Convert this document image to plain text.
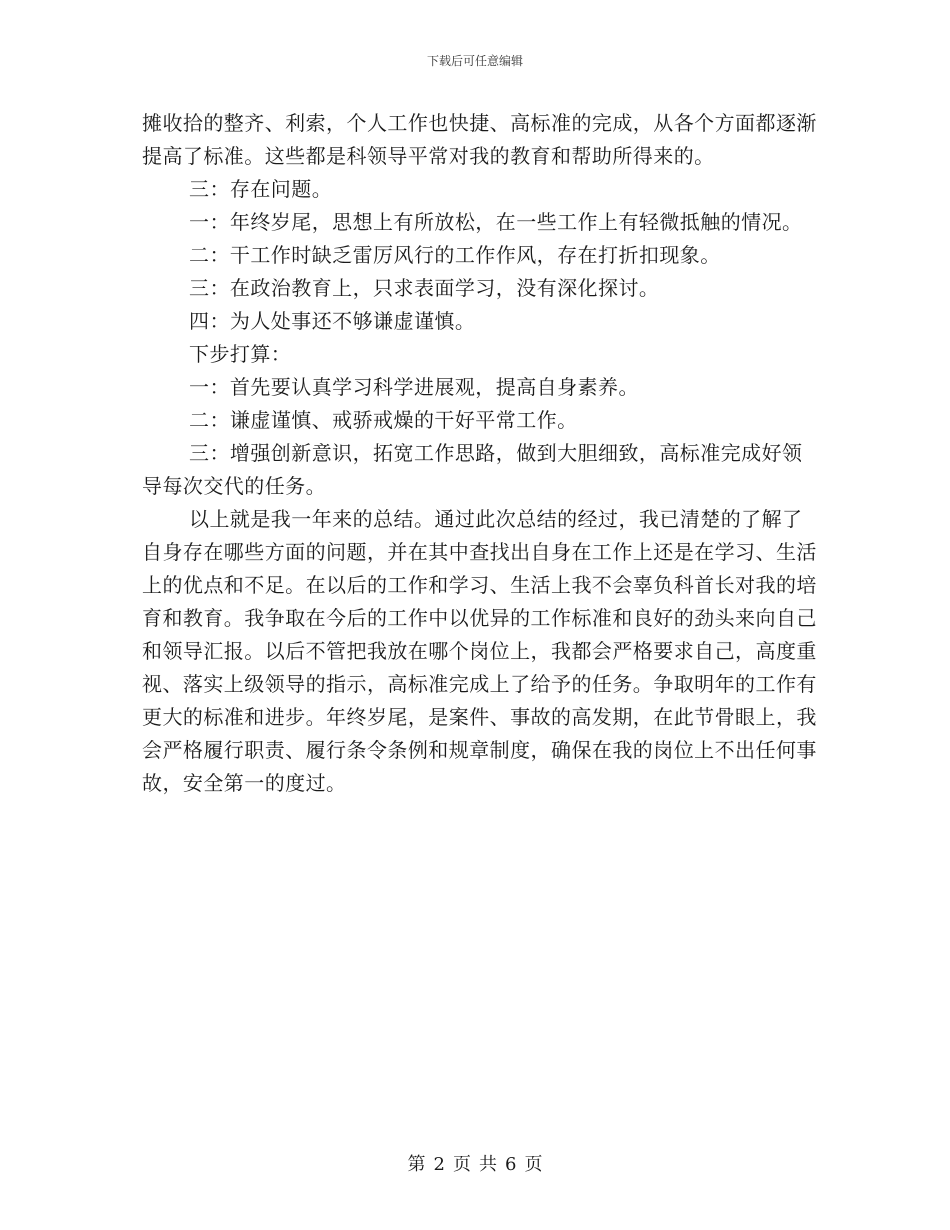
下载后可任意编辑

摊收拾的整齐、利索，个人工作也快捷、高标准的完成，从各个方面都逐渐提高了标准。这些都是科领导平常对我的教育和帮助所得来的。

三：存在问题。

一：年终岁尾，思想上有所放松，在一些工作上有轻微抵触的情况。

二：干工作时缺乏雷厉风行的工作作风，存在打折扣现象。

三：在政治教育上，只求表面学习，没有深化探讨。

四：为人处事还不够谦虚谨慎。

下步打算：

一：首先要认真学习科学进展观，提高自身素养。

二：谦虚谨慎、戒骄戒燥的干好平常工作。

三：增强创新意识，拓宽工作思路，做到大胆细致，高标准完成好领导每次交代的任务。

以上就是我一年来的总结。通过此次总结的经过，我已清楚的了解了自身存在哪些方面的问题，并在其中查找出自身在工作上还是在学习、生活上的优点和不足。在以后的工作和学习、生活上我不会辜负科首长对我的培育和教育。我争取在今后的工作中以优异的工作标准和良好的劲头来向自己和领导汇报。以后不管把我放在哪个岗位上，我都会严格要求自己，高度重视、落实上级领导的指示，高标准完成上了给予的任务。争取明年的工作有更大的标准和进步。年终岁尾，是案件、事故的高发期，在此节骨眼上，我会严格履行职责、履行条令条例和规章制度，确保在我的岗位上不出任何事故，安全第一的度过。

第 2 页 共 6 页
